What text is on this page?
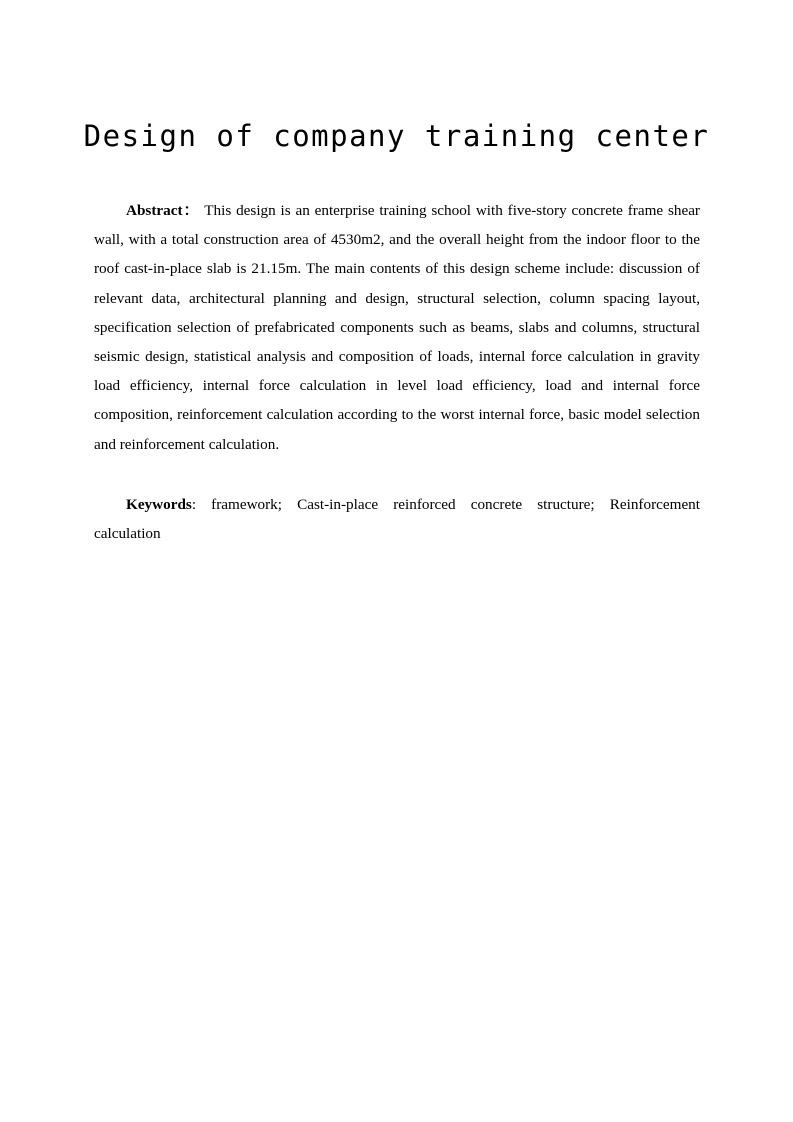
Design of company training center

Abstract： This design is an enterprise training school with five-story concrete frame shear wall, with a total construction area of 4530m2, and the overall height from the indoor floor to the roof cast-in-place slab is 21.15m. The main contents of this design scheme include: discussion of relevant data, architectural planning and design, structural selection, column spacing layout, specification selection of prefabricated components such as beams, slabs and columns, structural seismic design, statistical analysis and composition of loads, internal force calculation in gravity load efficiency, internal force calculation in level load efficiency, load and internal force composition, reinforcement calculation according to the worst internal force, basic model selection and reinforcement calculation.

Keywords: framework; Cast-in-place reinforced concrete structure; Reinforcement calculation
